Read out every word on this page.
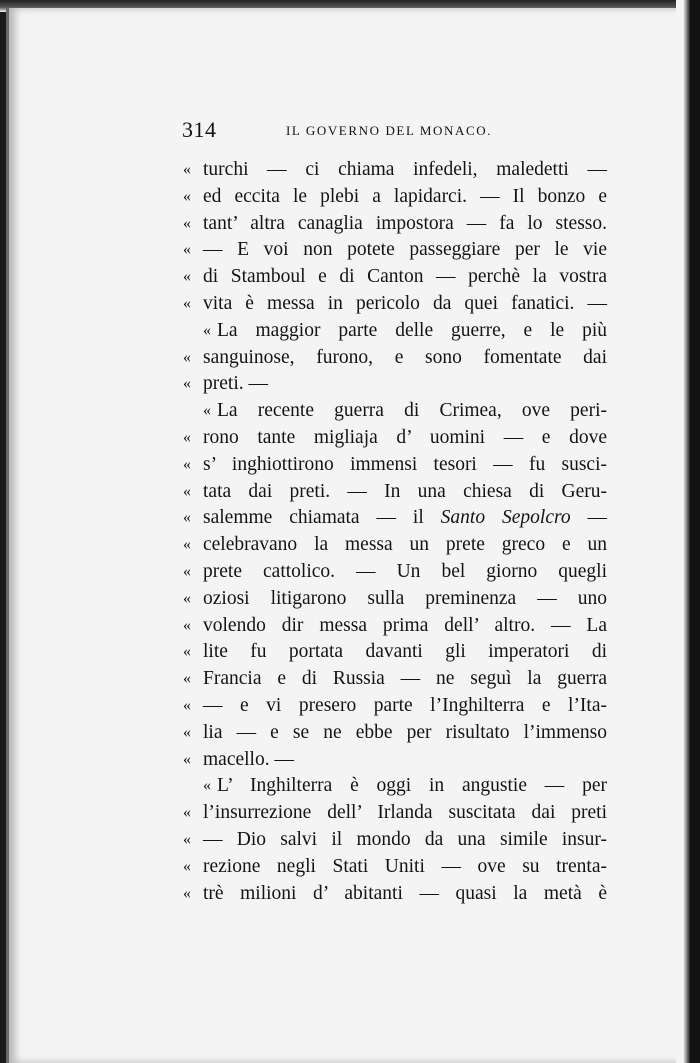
314	IL GOVERNO DEL MONACO.
« turchi — ci chiama infedeli, maledetti —
« ed eccita le plebi a lapidarci. — Il bonzo e
« tant’ altra canaglia impostora — fa lo stesso.
« — E voi non potete passeggiare per le vie
« di Stamboul e di Canton — perchè la vostra
« vita è messa in pericolo da quei fanatici. —
« La maggior parte delle guerre, e le più
« sanguinose, furono, e sono fomentate dai
« preti. —
« La recente guerra di Crimea, ove peri-
« rono tante migliaja d’ uomini — e dove
« s’ inghiottirono immensi tesori — fu susci-
« tata dai preti. — In una chiesa di Geru-
« salemme chiamata — il Santo Sepolcro —
« celebravano la messa un prete greco e un
« prete cattolico. — Un bel giorno quegli
« oziosi litigarono sulla preminenza — uno
« volendo dir messa prima dell’ altro. — La
« lite fu portata davanti gli imperatori di
« Francia e di Russia — ne seguì la guerra
« — e vi presero parte l’Inghilterra e l’Ita-
« lia — e se ne ebbe per risultato l’immenso
« macello. —
« L’ Inghilterra è oggi in angustie — per
« l’insurrezione dell’ Irlanda suscitata dai preti
« — Dio salvi il mondo da una simile insur-
« rezione negli Stati Uniti — ove su trenta-
« trè milioni d’ abitanti — quasi la metà è
